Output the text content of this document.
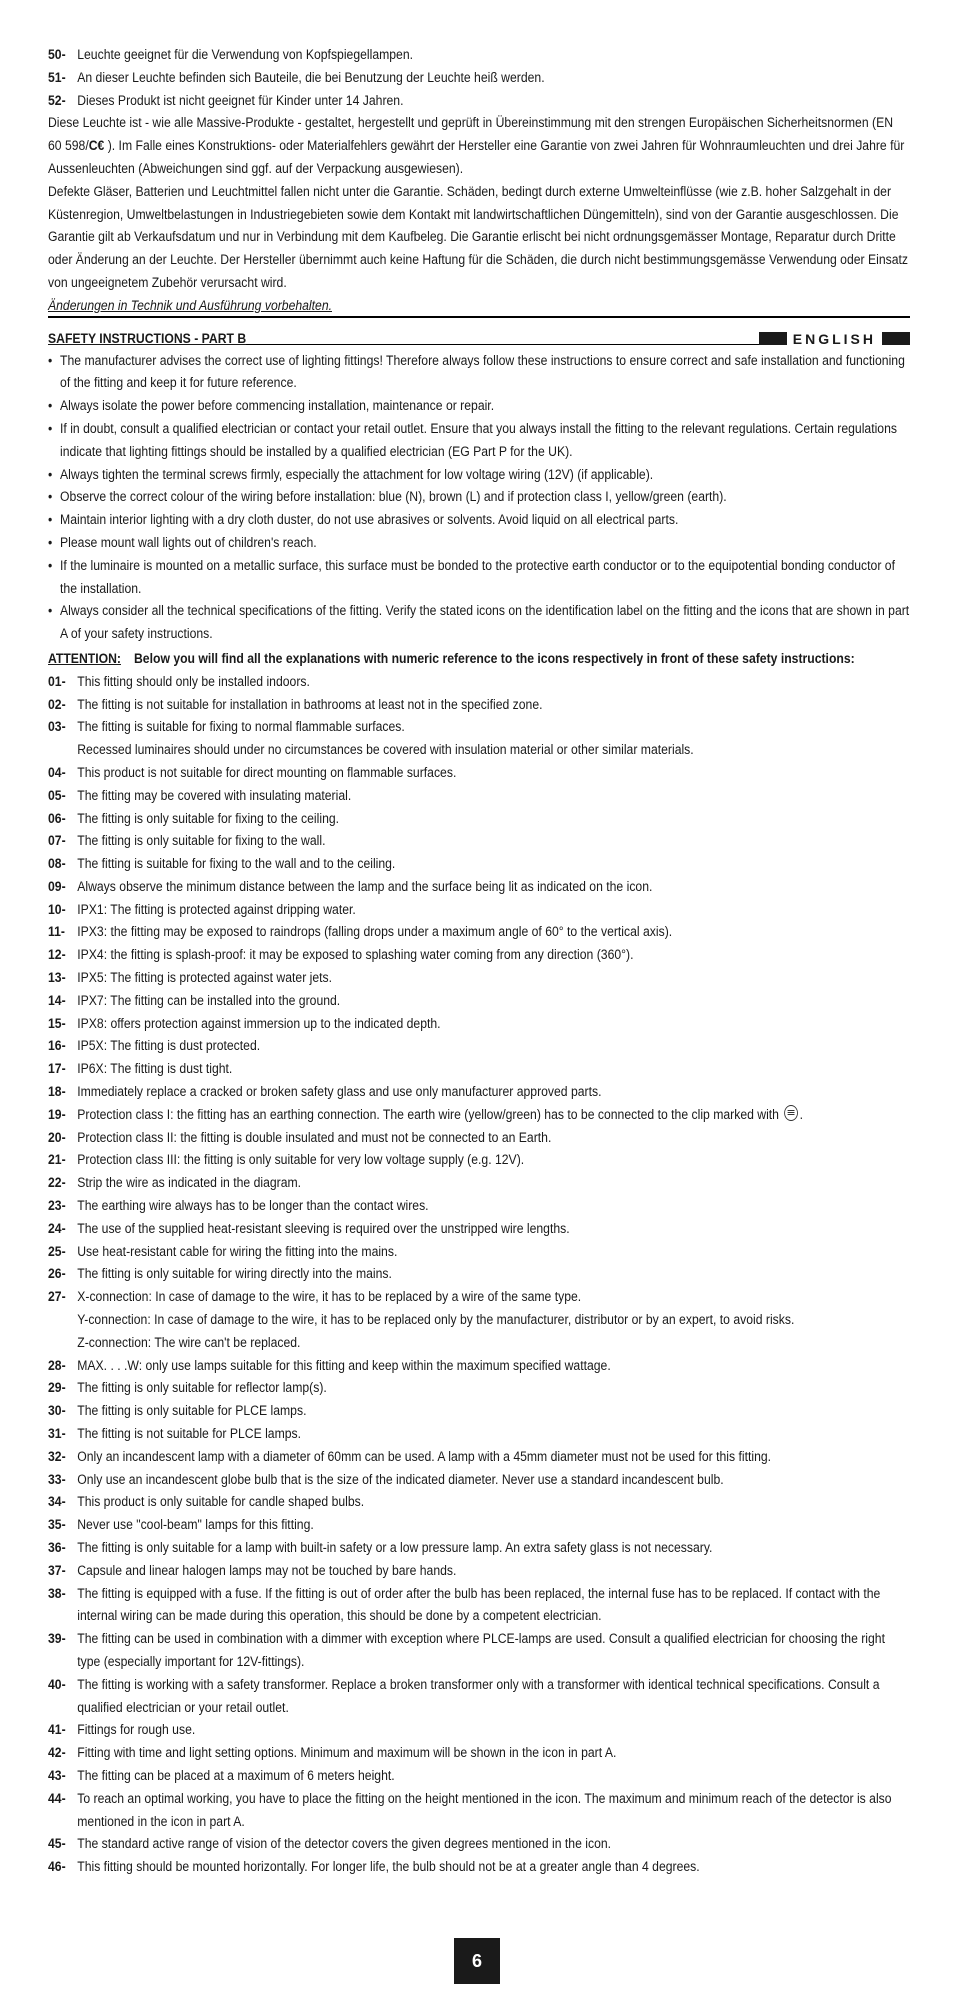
50- Leuchte geeignet für die Verwendung von Kopfspiegellampen.
51- An dieser Leuchte befinden sich Bauteile, die bei Benutzung der Leuchte heiß werden.
52- Dieses Produkt ist nicht geeignet für Kinder unter 14 Jahren.

Diese Leuchte ist - wie alle Massive-Produkte - gestaltet, hergestellt und geprüft in Übereinstimmung mit den strengen Europäischen Sicherheitsnormen (EN 60 598/C€ ). Im Falle eines Konstruktions- oder Materialfehlers gewährt der Hersteller eine Garantie von zwei Jahren für Wohnraumleuchten und drei Jahre für Aussenleuchten (Abweichungen sind ggf. auf der Verpackung ausgewiesen).

Defekte Gläser, Batterien und Leuchtmittel fallen nicht unter die Garantie. Schäden, bedingt durch externe Umwelteinflüsse (wie z.B. hoher Salzgehalt in der Küstenregion, Umweltbelastungen in Industriegebieten sowie dem Kontakt mit landwirtschaftlichen Düngemitteln), sind von der Garantie ausgeschlossen. Die Garantie gilt ab Verkaufsdatum und nur in Verbindung mit dem Kaufbeleg. Die Garantie erlischt bei nicht ordnungsgemässer Montage, Reparatur durch Dritte oder Änderung an der Leuchte. Der Hersteller übernimmt auch keine Haftung für die Schäden, die durch nicht bestimmungsgemässe Verwendung oder Einsatz von ungeeignetem Zubehör verursacht wird.

Änderungen in Technik und Ausführung vorbehalten.

SAFETY INSTRUCTIONS - PART B	ENGLISH
• The manufacturer advises the correct use of lighting fittings! Therefore always follow these instructions to ensure correct and safe installation and functioning of the fitting and keep it for future reference.
• Always isolate the power before commencing installation, maintenance or repair.
• If in doubt, consult a qualified electrician or contact your retail outlet. Ensure that you always install the fitting to the relevant regulations. Certain regulations indicate that lighting fittings should be installed by a qualified electrician (EG Part P for the UK).
• Always tighten the terminal screws firmly, especially the attachment for low voltage wiring (12V) (if applicable).
• Observe the correct colour of the wiring before installation: blue (N), brown (L) and if protection class I, yellow/green (earth).
• Maintain interior lighting with a dry cloth duster, do not use abrasives or solvents. Avoid liquid on all electrical parts.
• Please mount wall lights out of children's reach.
• If the luminaire is mounted on a metallic surface, this surface must be bonded to the protective earth conductor or to the equipotential bonding conductor of the installation.
• Always consider all the technical specifications of the fitting. Verify the stated icons on the identification label on the fitting and the icons that are shown in part A of your safety instructions.
ATTENTION: Below you will find all the explanations with numeric reference to the icons respectively in front of these safety instructions:
01- This fitting should only be installed indoors.
02- The fitting is not suitable for installation in bathrooms at least not in the specified zone.
03- The fitting is suitable for fixing to normal flammable surfaces.
Recessed luminaires should under no circumstances be covered with insulation material or other similar materials.
04- This product is not suitable for direct mounting on flammable surfaces.
05- The fitting may be covered with insulating material.
06- The fitting is only suitable for fixing to the ceiling.
07- The fitting is only suitable for fixing to the wall.
08- The fitting is suitable for fixing to the wall and to the ceiling.
09- Always observe the minimum distance between the lamp and the surface being lit as indicated on the icon.
10- IPX1: The fitting is protected against dripping water.
11- IPX3: the fitting may be exposed to raindrops (falling drops under a maximum angle of 60° to the vertical axis).
12- IPX4: the fitting is splash-proof: it may be exposed to splashing water coming from any direction (360°).
13- IPX5: The fitting is protected against water jets.
14- IPX7: The fitting can be installed into the ground.
15- IPX8: offers protection against immersion up to the indicated depth.
16- IP5X: The fitting is dust protected.
17- IP6X: The fitting is dust tight.
18- Immediately replace a cracked or broken safety glass and use only manufacturer approved parts.
19- Protection class I: the fitting has an earthing connection. The earth wire (yellow/green) has to be connected to the clip marked with .
20- Protection class II: the fitting is double insulated and must not be connected to an Earth.
21- Protection class III: the fitting is only suitable for very low voltage supply (e.g. 12V).
22- Strip the wire as indicated in the diagram.
23- The earthing wire always has to be longer than the contact wires.
24- The use of the supplied heat-resistant sleeving is required over the unstripped wire lengths.
25- Use heat-resistant cable for wiring the fitting into the mains.
26- The fitting is only suitable for wiring directly into the mains.
27- X-connection: In case of damage to the wire, it has to be replaced by a wire of the same type.
Y-connection: In case of damage to the wire, it has to be replaced only by the manufacturer, distributor or by an expert, to avoid risks.
Z-connection: The wire can't be replaced.
28- MAX. . . .W: only use lamps suitable for this fitting and keep within the maximum specified wattage.
29- The fitting is only suitable for reflector lamp(s).
30- The fitting is only suitable for PLCE lamps.
31- The fitting is not suitable for PLCE lamps.
32- Only an incandescent lamp with a diameter of 60mm can be used. A lamp with a 45mm diameter must not be used for this fitting.
33- Only use an incandescent globe bulb that is the size of the indicated diameter. Never use a standard incandescent bulb.
34- This product is only suitable for candle shaped bulbs.
35- Never use "cool-beam" lamps for this fitting.
36- The fitting is only suitable for a lamp with built-in safety or a low pressure lamp. An extra safety glass is not necessary.
37- Capsule and linear halogen lamps may not be touched by bare hands.
38- The fitting is equipped with a fuse. If the fitting is out of order after the bulb has been replaced, the internal fuse has to be replaced. If contact with the internal wiring can be made during this operation, this should be done by a competent electrician.
39- The fitting can be used in combination with a dimmer with exception where PLCE-lamps are used. Consult a qualified electrician for choosing the right type (especially important for 12V-fittings).
40- The fitting is working with a safety transformer. Replace a broken transformer only with a transformer with identical technical specifications. Consult a qualified electrician or your retail outlet.
41- Fittings for rough use.
42- Fitting with time and light setting options. Minimum and maximum will be shown in the icon in part A.
43- The fitting can be placed at a maximum of 6 meters height.
44- To reach an optimal working, you have to place the fitting on the height mentioned in the icon. The maximum and minimum reach of the detector is also mentioned in the icon in part A.
45- The standard active range of vision of the detector covers the given degrees mentioned in the icon.
46- This fitting should be mounted horizontally. For longer life, the bulb should not be at a greater angle than 4 degrees.
6
